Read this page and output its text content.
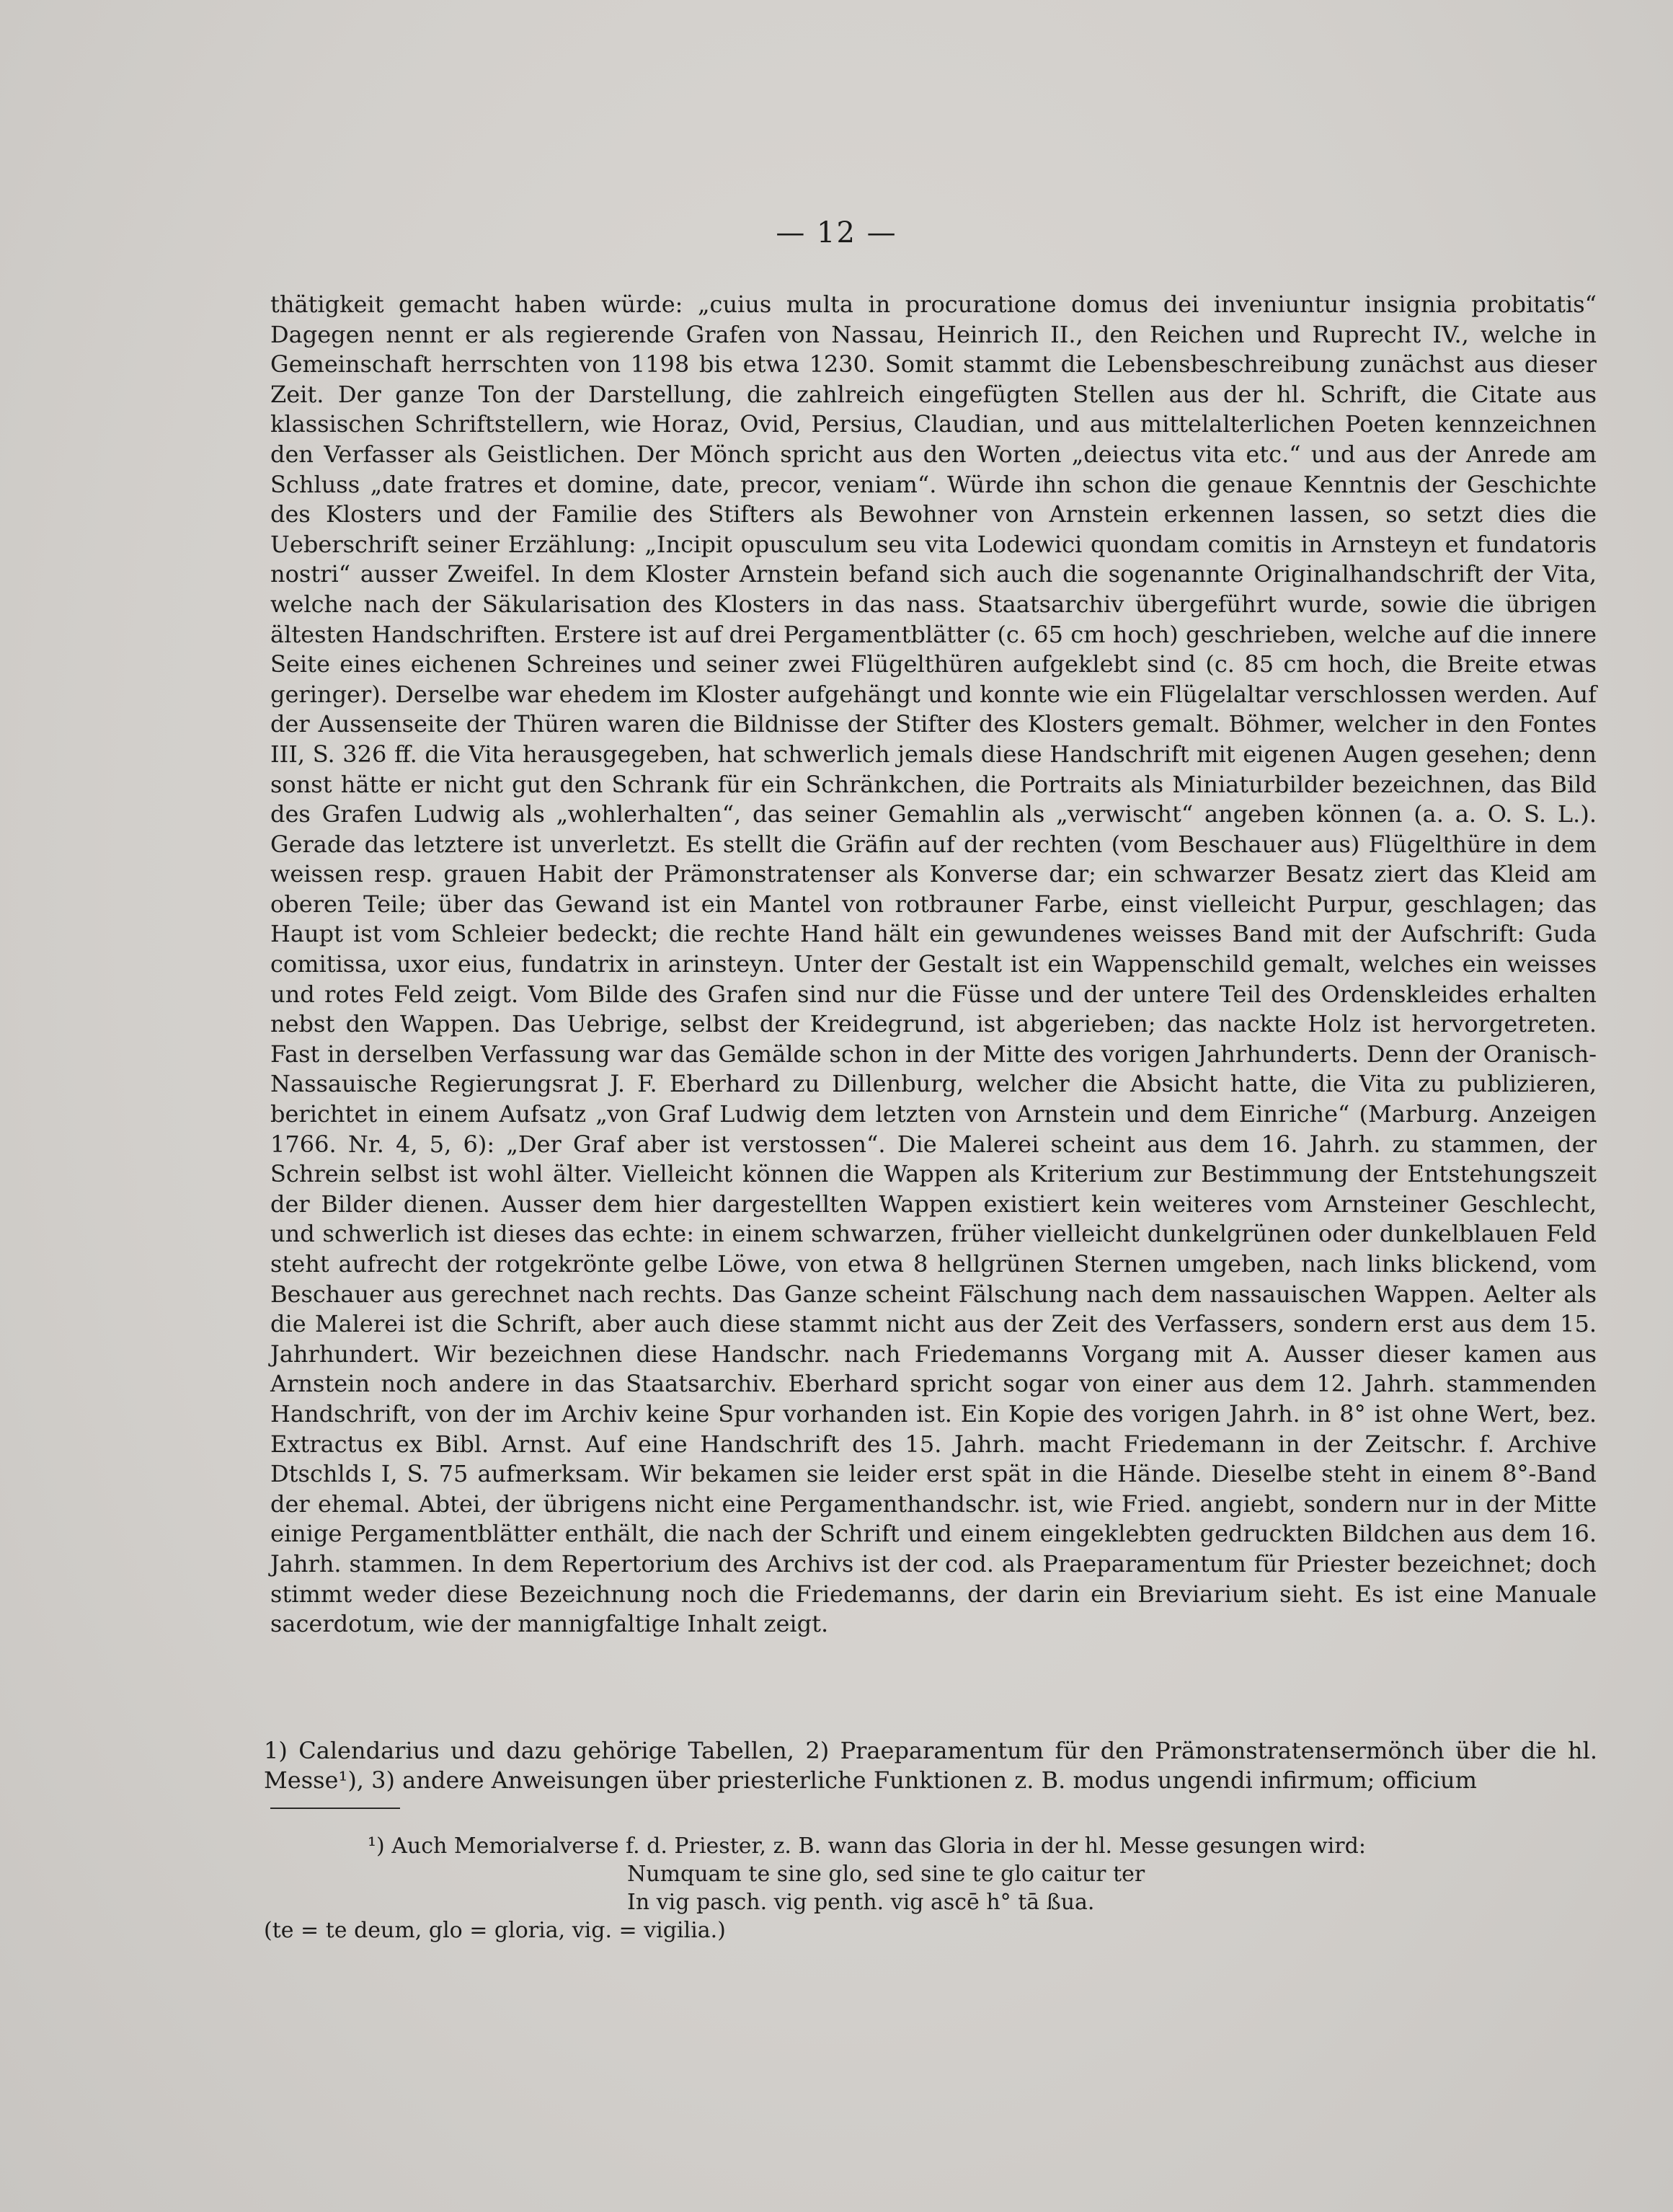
— 12 —

thätigkeit gemacht haben würde: „cuius multa in procuratione domus dei inveniuntur insignia probitatis“ Dagegen nennt er als regierende Grafen von Nassau, Heinrich II., den Reichen und Ruprecht IV., welche in Gemeinschaft herrschten von 1198 bis etwa 1230. Somit stammt die Lebensbeschreibung zunächst aus dieser Zeit. Der ganze Ton der Darstellung, die zahlreich eingefügten Stellen aus der hl. Schrift, die Citate aus klassischen Schriftstellern, wie Horaz, Ovid, Persius, Claudian, und aus mittelalterlichen Poeten kennzeichnen den Verfasser als Geistlichen. Der Mönch spricht aus den Worten „deiectus vita etc.“ und aus der Anrede am Schluss „date fratres et domine, date, precor, veniam“. Würde ihn schon die genaue Kenntnis der Geschichte des Klosters und der Familie des Stifters als Bewohner von Arnstein erkennen lassen, so setzt dies die Ueberschrift seiner Erzählung: „Incipit opusculum seu vita Lodewici quondam comitis in Arnsteyn et fundatoris nostri“ ausser Zweifel. In dem Kloster Arnstein befand sich auch die sogenannte Originalhandschrift der Vita, welche nach der Säkularisation des Klosters in das nass. Staatsarchiv übergeführt wurde, sowie die übrigen ältesten Handschriften. Erstere ist auf drei Pergamentblätter (c. 65 cm hoch) geschrieben, welche auf die innere Seite eines eichenen Schreines und seiner zwei Flügelthüren aufgeklebt sind (c. 85 cm hoch, die Breite etwas geringer). Derselbe war ehedem im Kloster aufgehängt und konnte wie ein Flügelaltar verschlossen werden. Auf der Aussenseite der Thüren waren die Bildnisse der Stifter des Klosters gemalt. Böhmer, welcher in den Fontes III, S. 326 ff. die Vita herausgegeben, hat schwerlich jemals diese Handschrift mit eigenen Augen gesehen; denn sonst hätte er nicht gut den Schrank für ein Schränkchen, die Portraits als Miniaturbilder bezeichnen, das Bild des Grafen Ludwig als „wohlerhalten“, das seiner Gemahlin als „verwischt“ angeben können (a. a. O. S. L.). Gerade das letztere ist unverletzt. Es stellt die Gräfin auf der rechten (vom Beschauer aus) Flügelthüre in dem weissen resp. grauen Habit der Prämonstratenser als Konverse dar; ein schwarzer Besatz ziert das Kleid am oberen Teile; über das Gewand ist ein Mantel von rotbrauner Farbe, einst vielleicht Purpur, geschlagen; das Haupt ist vom Schleier bedeckt; die rechte Hand hält ein gewundenes weisses Band mit der Aufschrift: Guda comitissa, uxor eius, fundatrix in arinsteyn. Unter der Gestalt ist ein Wappenschild gemalt, welches ein weisses und rotes Feld zeigt. Vom Bilde des Grafen sind nur die Füsse und der untere Teil des Ordenskleides erhalten nebst den Wappen. Das Uebrige, selbst der Kreidegrund, ist abgerieben; das nackte Holz ist hervorgetreten. Fast in derselben Verfassung war das Gemälde schon in der Mitte des vorigen Jahrhunderts. Denn der Oranisch-Nassauische Regierungsrat J. F. Eberhard zu Dillenburg, welcher die Absicht hatte, die Vita zu publizieren, berichtet in einem Aufsatz „von Graf Ludwig dem letzten von Arnstein und dem Einriche“ (Marburg. Anzeigen 1766. Nr. 4, 5, 6): „Der Graf aber ist verstossen“. Die Malerei scheint aus dem 16. Jahrh. zu stammen, der Schrein selbst ist wohl älter. Vielleicht können die Wappen als Kriterium zur Bestimmung der Entstehungszeit der Bilder dienen. Ausser dem hier dargestellten Wappen existiert kein weiteres vom Arnsteiner Geschlecht, und schwerlich ist dieses das echte: in einem schwarzen, früher vielleicht dunkelgrünen oder dunkelblauen Feld steht aufrecht der rotgekrönte gelbe Löwe, von etwa 8 hellgrünen Sternen umgeben, nach links blickend, vom Beschauer aus gerechnet nach rechts. Das Ganze scheint Fälschung nach dem nassauischen Wappen. Aelter als die Malerei ist die Schrift, aber auch diese stammt nicht aus der Zeit des Verfassers, sondern erst aus dem 15. Jahrhundert. Wir bezeichnen diese Handschr. nach Friedemanns Vorgang mit A. Ausser dieser kamen aus Arnstein noch andere in das Staatsarchiv. Eberhard spricht sogar von einer aus dem 12. Jahrh. stammenden Handschrift, von der im Archiv keine Spur vorhanden ist. Ein Kopie des vorigen Jahrh. in 8° ist ohne Wert, bez. Extractus ex Bibl. Arnst. Auf eine Handschrift des 15. Jahrh. macht Friedemann in der Zeitschr. f. Archive Dtschlds I, S. 75 aufmerksam. Wir bekamen sie leider erst spät in die Hände. Dieselbe steht in einem 8°-Band der ehemal. Abtei, der übrigens nicht eine Pergamenthandschr. ist, wie Fried. angiebt, sondern nur in der Mitte einige Pergamentblätter enthält, die nach der Schrift und einem eingeklebten gedruckten Bildchen aus dem 16. Jahrh. stammen. In dem Repertorium des Archivs ist der cod. als Praeparamentum für Priester bezeichnet; doch stimmt weder diese Bezeichnung noch die Friedemanns, der darin ein Breviarium sieht. Es ist eine Manuale sacerdotum, wie der mannigfaltige Inhalt zeigt.

1) Calendarius und dazu gehörige Tabellen, 2) Praeparamentum für den Prämonstratensermönch über die hl. Messe¹), 3) andere Anweisungen über priesterliche Funktionen z. B. modus ungendi infirmum; officium

¹) Auch Memorialverse f. d. Priester, z. B. wann das Gloria in der hl. Messe gesungen wird:

Numquam te sine glo, sed sine te glo caitur ter
In vig pasch. vig penth. vig ascē h° tā ßua.
(te = te deum, glo = gloria, vig. = vigilia.)
